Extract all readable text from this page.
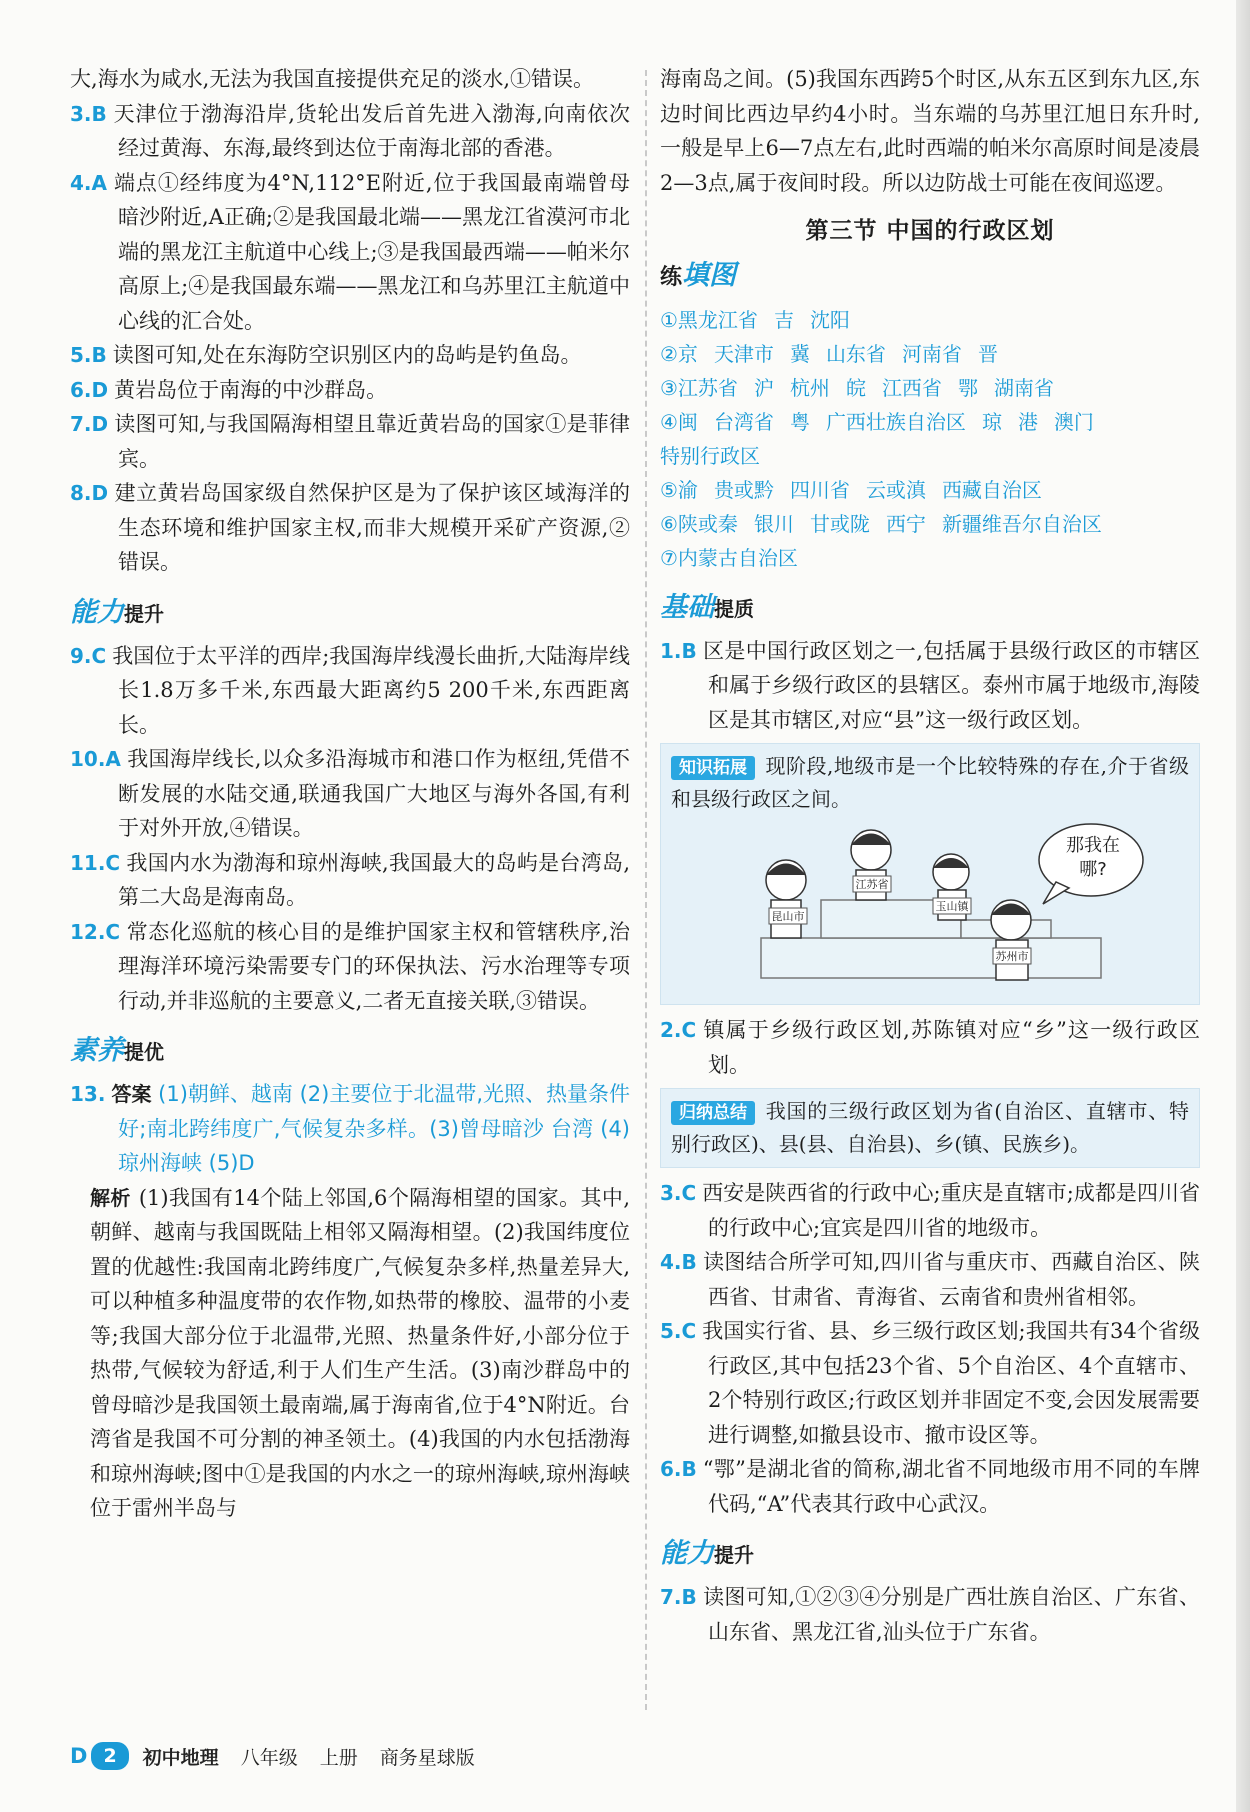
大,海水为咸水,无法为我国直接提供充足的淡水,①错误。
3.B 天津位于渤海沿岸,货轮出发后首先进入渤海,向南依次经过黄海、东海,最终到达位于南海北部的香港。
4.A 端点①经纬度为4°N,112°E附近,位于我国最南端曾母暗沙附近,A正确;②是我国最北端——黑龙江省漠河市北端的黑龙江主航道中心线上;③是我国最西端——帕米尔高原上;④是我国最东端——黑龙江和乌苏里江主航道中心线的汇合处。
5.B 读图可知,处在东海防空识别区内的岛屿是钓鱼岛。
6.D 黄岩岛位于南海的中沙群岛。
7.D 读图可知,与我国隔海相望且靠近黄岩岛的国家①是菲律宾。
8.D 建立黄岩岛国家级自然保护区是为了保护该区域海洋的生态环境和维护国家主权,而非大规模开采矿产资源,②错误。
能力提升
9.C 我国位于太平洋的西岸;我国海岸线漫长曲折,大陆海岸线长1.8万多千米,东西最大距离约5 200千米,东西距离长。
10.A 我国海岸线长,以众多沿海城市和港口作为枢纽,凭借不断发展的水陆交通,联通我国广大地区与海外各国,有利于对外开放,④错误。
11.C 我国内水为渤海和琼州海峡,我国最大的岛屿是台湾岛,第二大岛是海南岛。
12.C 常态化巡航的核心目的是维护国家主权和管辖秩序,治理海洋环境污染需要专门的环保执法、污水治理等专项行动,并非巡航的主要意义,二者无直接关联,③错误。
素养提优
13. 答案 (1)朝鲜、越南 (2)主要位于北温带,光照、热量条件好;南北跨纬度广,气候复杂多样。(3)曾母暗沙 台湾 (4)琼州海峡 (5)D
解析 (1)我国有14个陆上邻国,6个隔海相望的国家。其中,朝鲜、越南与我国既陆上相邻又隔海相望。(2)我国纬度位置的优越性:我国南北跨纬度广,气候复杂多样,热量差异大,可以种植多种温度带的农作物,如热带的橡胶、温带的小麦等;我国大部分位于北温带,光照、热量条件好,小部分位于热带,气候较为舒适,利于人们生产生活。(3)南沙群岛中的曾母暗沙是我国领土最南端,属于海南省,位于4°N附近。台湾省是我国不可分割的神圣领土。(4)我国的内水包括渤海和琼州海峡;图中①是我国的内水之一的琼州海峡,琼州海峡位于雷州半岛与
海南岛之间。(5)我国东西跨5个时区,从东五区到东九区,东边时间比西边早约4小时。当东端的乌苏里江旭日东升时,一般是早上6—7点左右,此时西端的帕米尔高原时间是凌晨2—3点,属于夜间时段。所以边防战士可能在夜间巡逻。
第三节 中国的行政区划
练填图
①黑龙江省 吉 沈阳
②京 天津市 冀 山东省 河南省 晋
③江苏省 沪 杭州 皖 江西省 鄂 湖南省
④闽 台湾省 粤 广西壮族自治区 琼 港 澳门
特别行政区
⑤渝 贵或黔 四川省 云或滇 西藏自治区
⑥陕或秦 银川 甘或陇 西宁 新疆维吾尔自治区
⑦内蒙古自治区
基础提质
1.B 区是中国行政区划之一,包括属于县级行政区的市辖区和属于乡级行政区的县辖区。泰州市属于地级市,海陵区是其市辖区,对应“县”这一级行政区划。
知识拓展 现阶段,地级市是一个比较特殊的存在,介于省级和县级行政区之间。
昆山市
江苏省
玉山镇
苏州市
那我在哪?
2.C 镇属于乡级行政区划,苏陈镇对应“乡”这一级行政区划。
归纳总结 我国的三级行政区划为省(自治区、直辖市、特别行政区)、县(县、自治县)、乡(镇、民族乡)。
3.C 西安是陕西省的行政中心;重庆是直辖市;成都是四川省的行政中心;宜宾是四川省的地级市。
4.B 读图结合所学可知,四川省与重庆市、西藏自治区、陕西省、甘肃省、青海省、云南省和贵州省相邻。
5.C 我国实行省、县、乡三级行政区划;我国共有34个省级行政区,其中包括23个省、5个自治区、4个直辖市、2个特别行政区;行政区划并非固定不变,会因发展需要进行调整,如撤县设市、撤市设区等。
6.B “鄂”是湖北省的简称,湖北省不同地级市用不同的车牌代码,“A”代表其行政中心武汉。
能力提升
7.B 读图可知,①②③④分别是广西壮族自治区、广东省、山东省、黑龙江省,汕头位于广东省。
D 2	初中地理 八年级 上册 商务星球版
